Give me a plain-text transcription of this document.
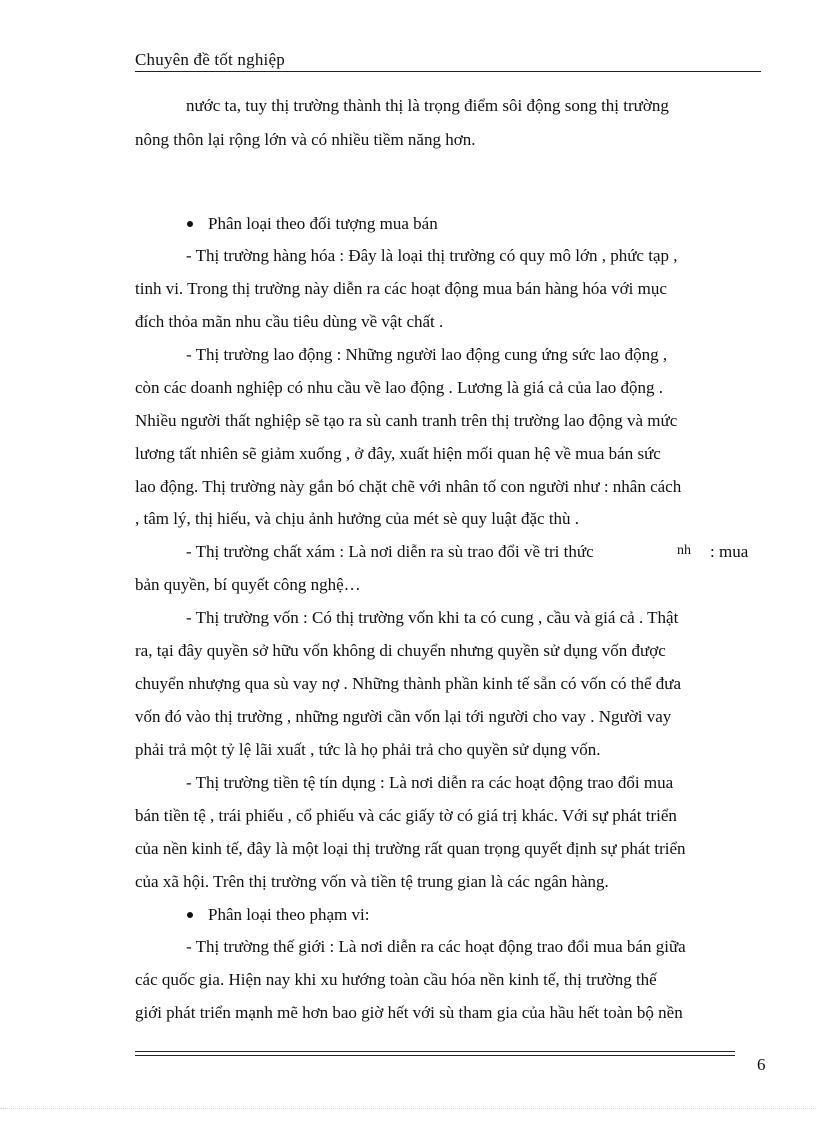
Chuyên đề tốt nghiệp
nước ta, tuy thị trường thành thị là trọng điểm sôi động song thị trường
nông thôn lại rộng lớn và có nhiều tiềm năng hơn.
Phân loại theo đối tượng mua bán
- Thị trường hàng hóa : Đây là loại thị trường có quy mô lớn , phức tạp ,
tinh vi. Trong thị trường này diễn ra các hoạt động mua bán hàng hóa với mục
đích thỏa mãn nhu cầu tiêu dùng về vật chất .
- Thị trường lao động : Những người lao động cung ứng sức lao động ,
còn các doanh nghiệp có nhu cầu về lao động . Lương là giá cả của lao động .
Nhiều người thất nghiệp sẽ tạo ra sù canh tranh trên thị trường lao động và mức
lương tất nhiên sẽ giảm xuống , ở đây, xuất hiện mối quan hệ về mua bán sức
lao động. Thị trường này gắn bó chặt chẽ với nhân tố con người như : nhân cách
, tâm lý, thị hiếu, và chịu ảnh hưởng của mét sè quy luật đặc thù .
- Thị trường chất xám : Là nơi diễn ra sù trao đổi về tri thức	nh : mua
bản quyền, bí quyết công nghệ…
- Thị trường vốn : Có thị trường vốn khi ta có cung , cầu và giá cả . Thật
ra, tại đây quyền sở hữu vốn không di chuyển nhưng quyền sử dụng vốn được
chuyển nhượng qua sù vay nợ . Những thành phần kinh tế sẵn có vốn có thể đưa
vốn đó vào thị trường , những người cần vốn lại tới người cho vay . Người vay
phải trả một tỷ lệ lãi xuất , tức là họ phải trả cho quyền sử dụng vốn.
- Thị trường tiền tệ tín dụng : Là nơi diễn ra các hoạt động trao đổi mua
bán tiền tệ , trái phiếu , cổ phiếu và các giấy tờ có giá trị khác. Với sự phát triển
của nền kinh tế, đây là một loại thị trường rất quan trọng quyết định sự phát triển
của xã hội. Trên thị trường vốn và tiền tệ trung gian là các ngân hàng.
Phân loại theo phạm vi:
- Thị trường thế giới : Là nơi diễn ra các hoạt động trao đổi mua bán giữa
các quốc gia. Hiện nay khi xu hướng toàn cầu hóa nền kinh tế, thị trường thế
giới phát triển mạnh mẽ hơn bao giờ hết với sù tham gia của hầu hết toàn bộ nền
6
